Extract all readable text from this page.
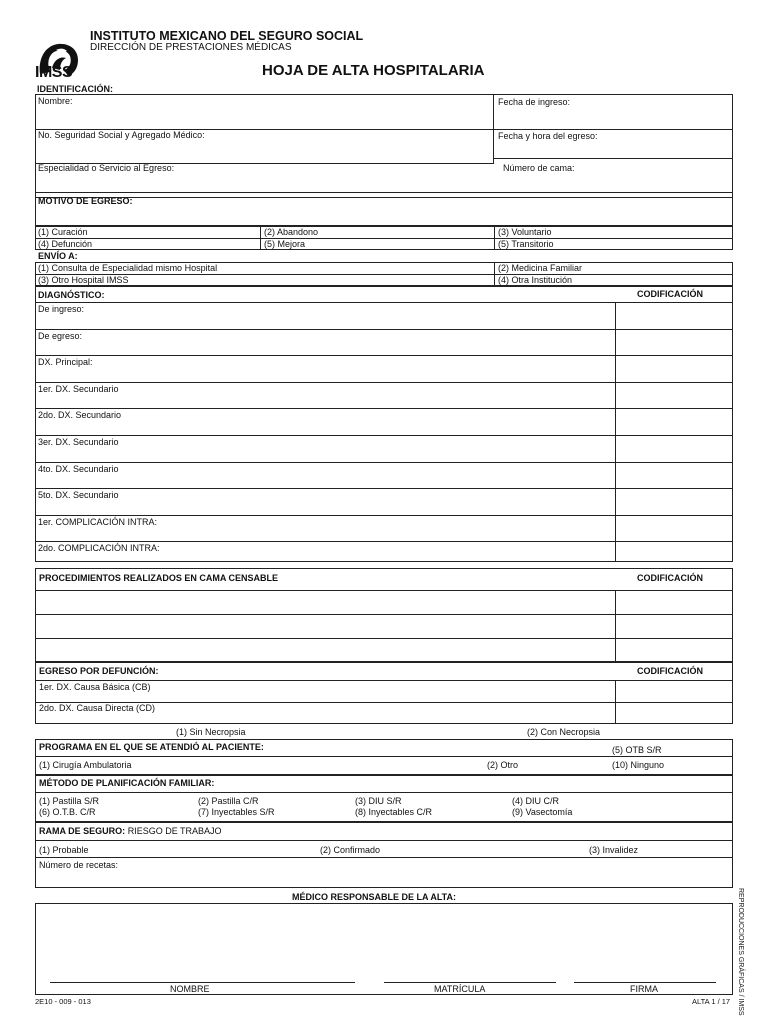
IMSS
INSTITUTO MEXICANO DEL SEGURO SOCIAL
DIRECCIÓN DE PRESTACIONES MÉDICAS
HOJA DE ALTA HOSPITALARIA
IDENTIFICACIÓN:
Nombre:	Fecha de ingreso:
No. Seguridad Social y Agregado Médico:	Fecha y hora del egreso:
Especialidad o Servicio al Egreso:	Número de cama:
MOTIVO DE EGRESO:
(1) Curación	(2) Abandono	(3) Voluntario
(4) Defunción	(5) Mejora	(5) Transitorio
ENVÍO A:
(1) Consulta de Especialidad mismo Hospital	(2) Medicina Familiar
(3) Otro Hospital IMSS	(4) Otra Institución
DIAGNÓSTICO:	CODIFICACIÓN
De ingreso:
De egreso:
DX. Principal:
1er. DX. Secundario
2do. DX. Secundario
3er. DX. Secundario
4to. DX. Secundario
5to. DX. Secundario
1er. COMPLICACIÓN INTRA:
2do. COMPLICACIÓN INTRA:
PROCEDIMIENTOS REALIZADOS EN CAMA CENSABLE	CODIFICACIÓN
EGRESO POR DEFUNCIÓN:	CODIFICACIÓN
1er. DX. Causa Básica (CB)
2do. DX. Causa Directa (CD)
(1) Sin Necropsia	(2) Con Necropsia
PROGRAMA EN EL QUE SE ATENDIÓ AL PACIENTE:	(5) OTB S/R
(1) Cirugía Ambulatoria	(2) Otro	(10) Ninguno
MÉTODO DE PLANIFICACIÓN FAMILIAR:
(1) Pastilla S/R	(2) Pastilla C/R	(3) DIU S/R	(4) DIU C/R
(6) O.T.B. C/R	(7) Inyectables S/R	(8) Inyectables C/R	(9) Vasectomía
RAMA DE SEGURO: RIESGO DE TRABAJO
(1) Probable	(2) Confirmado	(3) Invalidez
Número de recetas:
MÉDICO RESPONSABLE DE LA ALTA:
NOMBRE	MATRÍCULA	FIRMA
2E10 - 009 - 013	ALTA 1 / 17 REPRODUCCIONES GRÁFICAS / IMSS
